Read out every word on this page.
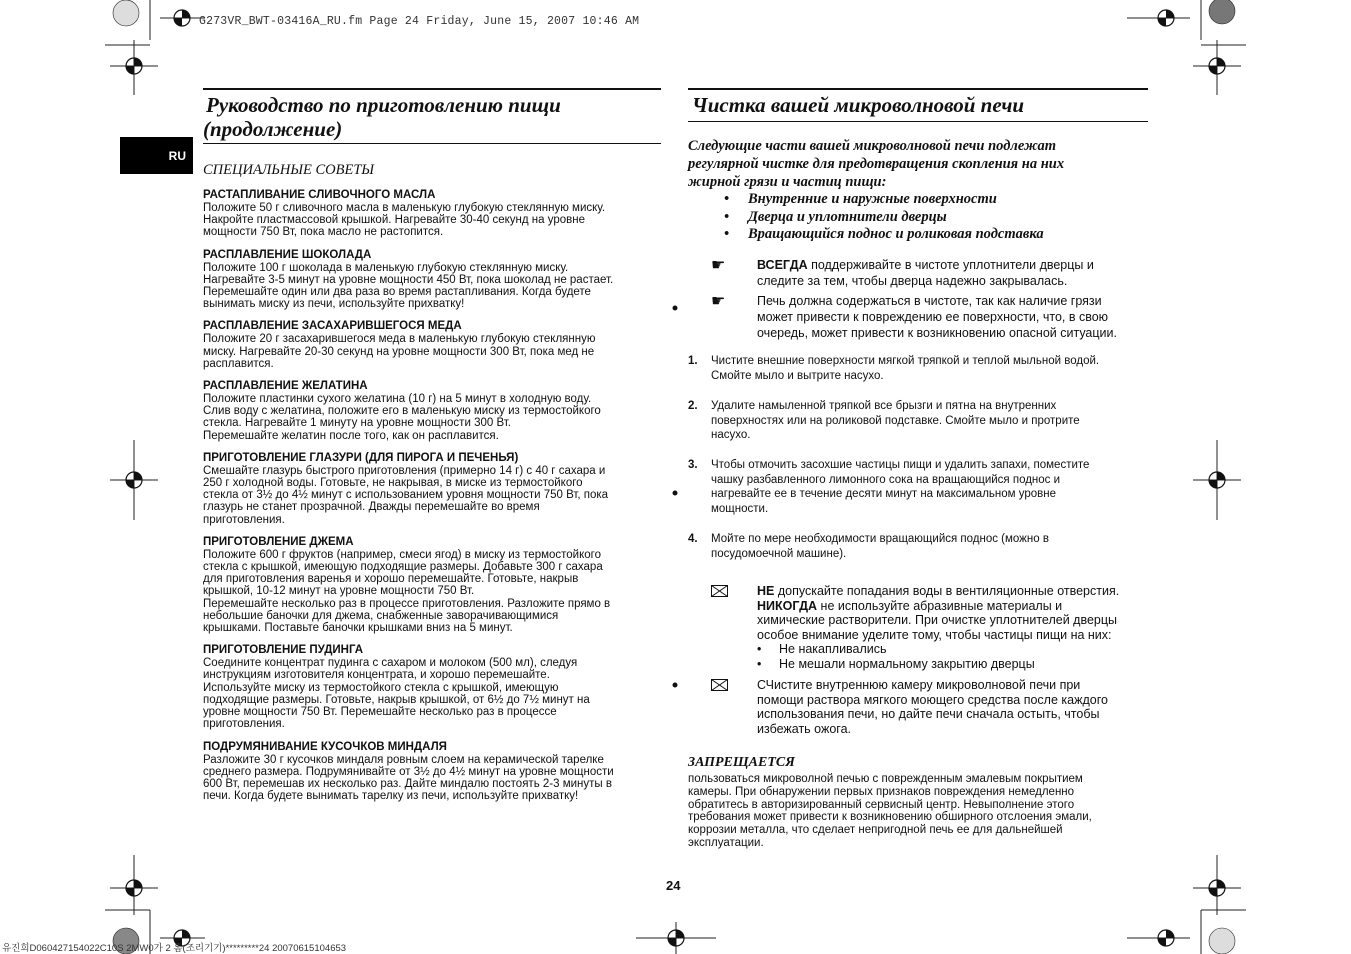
G273VR_BWT-03416A_RU.fm Page 24 Friday, June 15, 2007 10:46 AM
유진희D060427154022C10S 2MW0가 2 롬(조리기기)*********24 20070615104653
RU
Руководство по приготовлению пищи
(продолжение)
СПЕЦИАЛЬНЫЕ СОВЕТЫ
РАСТАПЛИВАНИЕ СЛИВОЧНОГО МАСЛА
Положите 50 г сливочного масла в маленькую глубокую стеклянную миску.
Накройте пластмассовой крышкой. Нагревайте 30-40 секунд на уровне
мощности 750 Вт, пока масло не растопится.
РАСПЛАВЛЕНИЕ ШОКОЛАДА
Положите 100 г шоколада в маленькую глубокую стеклянную миску.
Нагревайте 3-5 минут на уровне мощности 450 Вт, пока шоколад не растает.
Перемешайте один или два раза во время растапливания. Когда будете
вынимать миску из печи, используйте прихватку!
РАСПЛАВЛЕНИЕ ЗАСАХАРИВШЕГОСЯ МЕДА
Положите 20 г засахарившегося меда в маленькую глубокую стеклянную
миску. Нагревайте 20-30 секунд на уровне мощности 300 Вт, пока мед не
расплавится.
РАСПЛАВЛЕНИЕ ЖЕЛАТИНА
Положите пластинки сухого желатина (10 г) на 5 минут в холодную воду.
Слив воду с желатина, положите его в маленькую миску из термостойкого
стекла. Нагревайте 1 минуту на уровне мощности 300 Вт.
Перемешайте желатин после того, как он расплавится.
ПРИГОТОВЛЕНИЕ ГЛАЗУРИ (ДЛЯ ПИРОГА И ПЕЧЕНЬЯ)
Смешайте глазурь быстрого приготовления (примерно 14 г) с 40 г сахара и
250 г холодной воды. Готовьте, не накрывая, в миске из термостойкого
стекла от 3½ до 4½ минут с использованием уровня мощности 750 Вт, пока
глазурь не станет прозрачной. Дважды перемешайте во время
приготовления.
ПРИГОТОВЛЕНИЕ ДЖЕМА
Положите 600 г фруктов (например, смеси ягод) в миску из термостойкого
стекла с крышкой, имеющую подходящие размеры. Добавьте 300 г сахара
для приготовления варенья и хорошо перемешайте. Готовьте, накрыв
крышкой, 10-12 минут на уровне мощности 750 Вт.
Перемешайте несколько раз в процессе приготовления. Разложите прямо в
небольшие баночки для джема, снабженные заворачивающимися
крышками. Поставьте баночки крышками вниз на 5 минут.
ПРИГОТОВЛЕНИЕ ПУДИНГА
Соедините концентрат пудинга с сахаром и молоком (500 мл), следуя
инструкциям изготовителя концентрата, и хорошо перемешайте.
Используйте миску из термостойкого стекла с крышкой, имеющую
подходящие размеры. Готовьте, накрыв крышкой, от 6½ до 7½ минут на
уровне мощности 750 Вт. Перемешайте несколько раз в процессе
приготовления.
ПОДРУМЯНИВАНИЕ КУСОЧКОВ МИНДАЛЯ
Разложите 30 г кусочков миндаля ровным слоем на керамической тарелке
среднего размера. Подрумянивайте от 3½ до 4½ минут на уровне мощности
600 Вт, перемешав их несколько раз. Дайте миндалю постоять 2-3 минуты в
печи. Когда будете вынимать тарелку из печи, используйте прихватку!
Чистка вашей микроволновой печи
Следующие части вашей микроволновой печи подлежат регулярной чистке для предотвращения скопления на них жирной грязи и частиц пищи:
• Внутренние и наружные поверхности
• Дверца и уплотнители дверцы
• Вращающийся поднос и роликовая подставка
☛	ВСЕГДА поддерживайте в чистоте уплотнители дверцы и
следите за тем, чтобы дверца надежно закрывалась.
☛	Печь должна содержаться в чистоте, так как наличие грязи
может привести к повреждению ее поверхности, что, в свою
очередь, может привести к возникновению опасной ситуации.
1. Чистите внешние поверхности мягкой тряпкой и теплой мыльной водой.
Смойте мыло и вытрите насухо.
2. Удалите намыленной тряпкой все брызги и пятна на внутренних
поверхностях или на роликовой подставке. Смойте мыло и протрите
насухо.
3. Чтобы отмочить засохшие частицы пищи и удалить запахи, поместите
чашку разбавленного лимонного сока на вращающийся поднос и
нагревайте ее в течение десяти минут на максимальном уровне
мощности.
4. Мойте по мере необходимости вращающийся поднос (можно в
посудомоечной машине).
НЕ допускайте попадания воды в вентиляционные отверстия.
НИКОГДА не используйте абразивные материалы и
химические растворители. При очистке уплотнителей дверцы
особое внимание уделите тому, чтобы частицы пищи на них:
• Не накапливались
• Не мешали нормальному закрытию дверцы
СЧистите внутреннюю камеру микроволновой печи при
помощи раствора мягкого моющего средства после каждого
использования печи, но дайте печи сначала остыть, чтобы
избежать ожога.
ЗАПРЕЩАЕТСЯ
пользоваться микроволной печью с поврежденным эмалевым покрытием
камеры. При обнаружении первых признаков повреждения немедленно
обратитесь в авторизированный сервисный центр. Невыполнение этого
требования может привести к возникновению обширного отслоения эмали,
коррозии металла, что сделает непригодной печь ее для дальнейшей
эксплуатации.
24
